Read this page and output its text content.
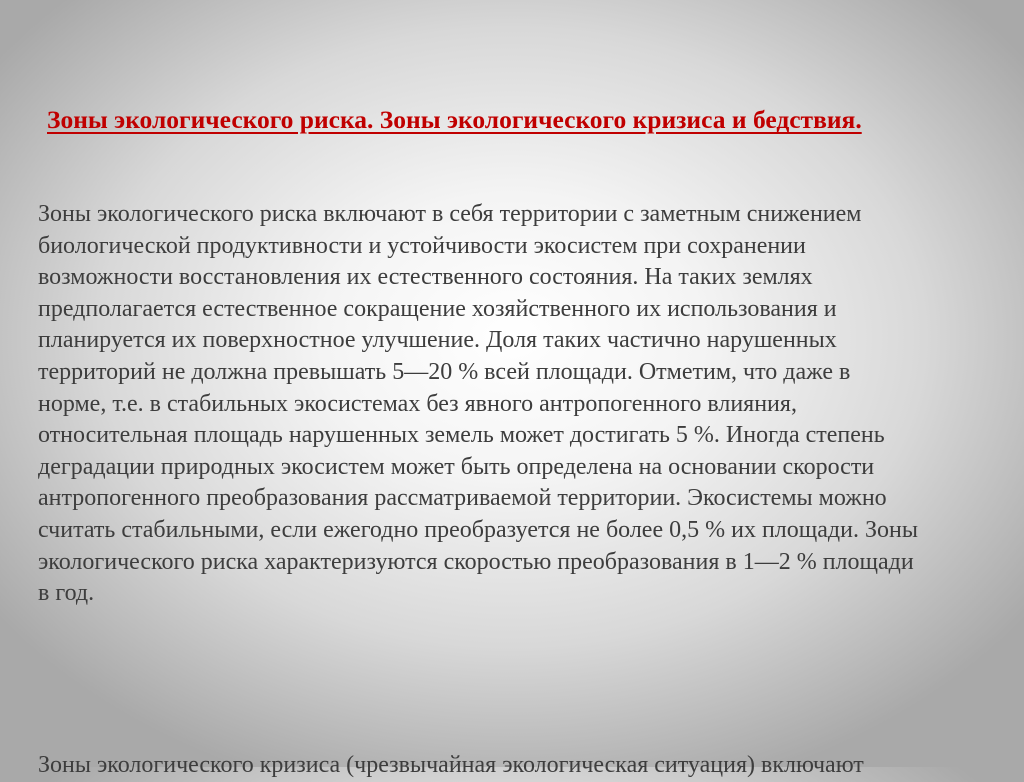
Зоны экологического риска. Зоны экологического кризиса и бедствия.
Зоны экологического риска включают в себя территории с заметным снижением
биологической продуктивности и устойчивости экосистем при сохранении
возможности восстановления их естественного состояния. На таких землях
предполагается естественное сокращение хозяйственного их использования и
планируется их поверхностное улучшение. Доля таких частично нарушенных
территорий не должна превышать 5—20 % всей площади. Отметим, что даже в
норме, т.е. в стабильных экосистемах без явного антропогенного влияния,
относительная площадь нарушенных земель может достигать 5 %. Иногда степень
деградации природных экосистем может быть определена на основании скорости
антропогенного преобразования рассматриваемой территории. Экосистемы можно
считать стабильными, если ежегодно преобразуется не более 0,5 % их площади. Зоны
экологического риска характеризуются скоростью преобразования в 1—2 % площади
в год.

Зоны экологического кризиса (чрезвычайная экологическая ситуация) включают
